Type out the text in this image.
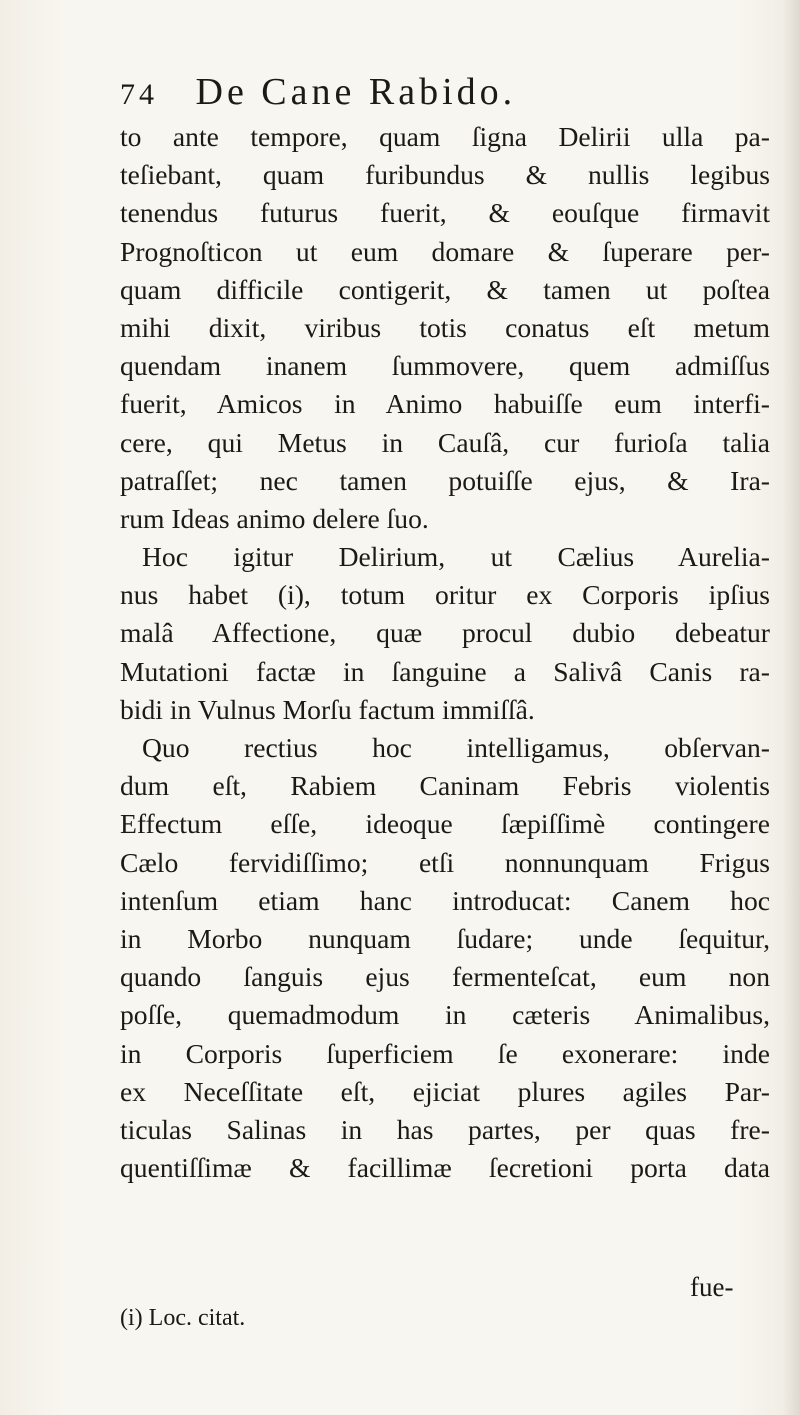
74 De Cane Rabido.
to ante tempore, quam ſigna Delirii ulla pa-
teſiebant, quam furibundus & nullis legibus
tenendus futurus fuerit, & eouſque firmavit
Prognoſticon ut eum domare & ſuperare per-
quam difficile contigerit, & tamen ut poſtea
mihi dixit, viribus totis conatus eſt metum
quendam inanem ſummovere, quem admiſſus
fuerit, Amicos in Animo habuiſſe eum interfi-
cere, qui Metus in Cauſâ, cur furioſa talia
patraſſet; nec tamen potuiſſe ejus, & Ira-
rum Ideas animo delere ſuo.
Hoc igitur Delirium, ut Cælius Aurelia-
nus habet (i), totum oritur ex Corporis ipſius
malâ Affectione, quæ procul dubio debeatur
Mutationi factæ in ſanguine a Salivâ Canis ra-
bidi in Vulnus Morſu factum immiſſâ.
Quo rectius hoc intelligamus, obſervan-
dum eſt, Rabiem Caninam Febris violentis
Effectum eſſe, ideoque ſæpiſſimè contingere
Cælo fervidiſſimo; etſi nonnunquam Frigus
intenſum etiam hanc introducat: Canem hoc
in Morbo nunquam ſudare; unde ſequitur,
quando ſanguis ejus fermenteſcat, eum non
poſſe, quemadmodum in cæteris Animalibus,
in Corporis ſuperficiem ſe exonerare: inde
ex Neceſſitate eſt, ejiciat plures agiles Par-
ticulas Salinas in has partes, per quas fre-
quentiſſimæ & facillimæ ſecretioni porta data
fue-
(i) Loc. citat.
